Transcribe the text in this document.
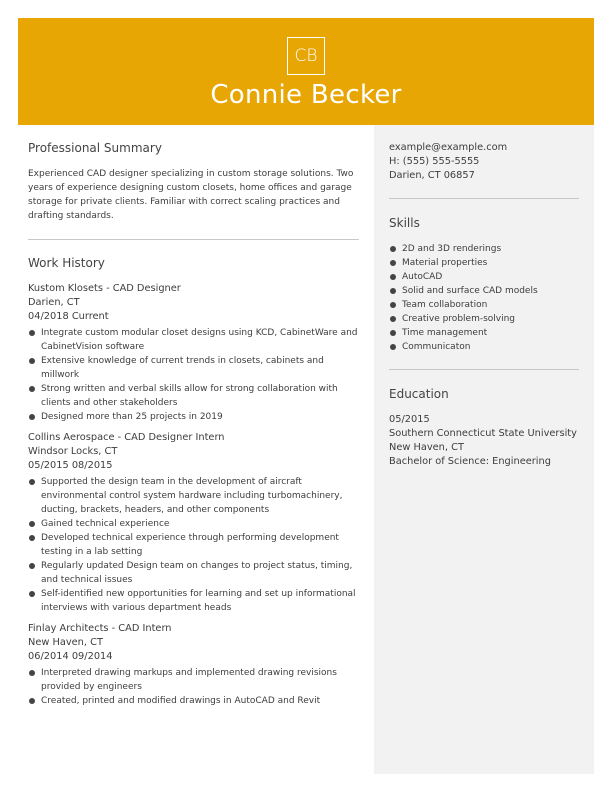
CB
Connie Becker
Professional Summary
Experienced CAD designer specializing in custom storage solutions. Two years of experience designing custom closets, home offices and garage storage for private clients. Familiar with correct scaling practices and drafting standards.
Work History
Kustom Klosets - CAD Designer
Darien, CT
04/2018 Current
Integrate custom modular closet designs using KCD, CabinetWare and CabinetVision software
Extensive knowledge of current trends in closets, cabinets and millwork
Strong written and verbal skills allow for strong collaboration with clients and other stakeholders
Designed more than 25 projects in 2019
Collins Aerospace - CAD Designer Intern
Windsor Locks, CT
05/2015 08/2015
Supported the design team in the development of aircraft environmental control system hardware including turbomachinery, ducting, brackets, headers, and other components
Gained technical experience
Developed technical experience through performing development testing in a lab setting
Regularly updated Design team on changes to project status, timing, and technical issues
Self-identified new opportunities for learning and set up informational interviews with various department heads
Finlay Architects - CAD Intern
New Haven, CT
06/2014 09/2014
Interpreted drawing markups and implemented drawing revisions provided by engineers
Created, printed and modified drawings in AutoCAD and Revit
example@example.com
H: (555) 555-5555
Darien, CT 06857
Skills
2D and 3D renderings
Material properties
AutoCAD
Solid and surface CAD models
Team collaboration
Creative problem-solving
Time management
Communicaton
Education
05/2015
Southern Connecticut State University
New Haven, CT
Bachelor of Science: Engineering
